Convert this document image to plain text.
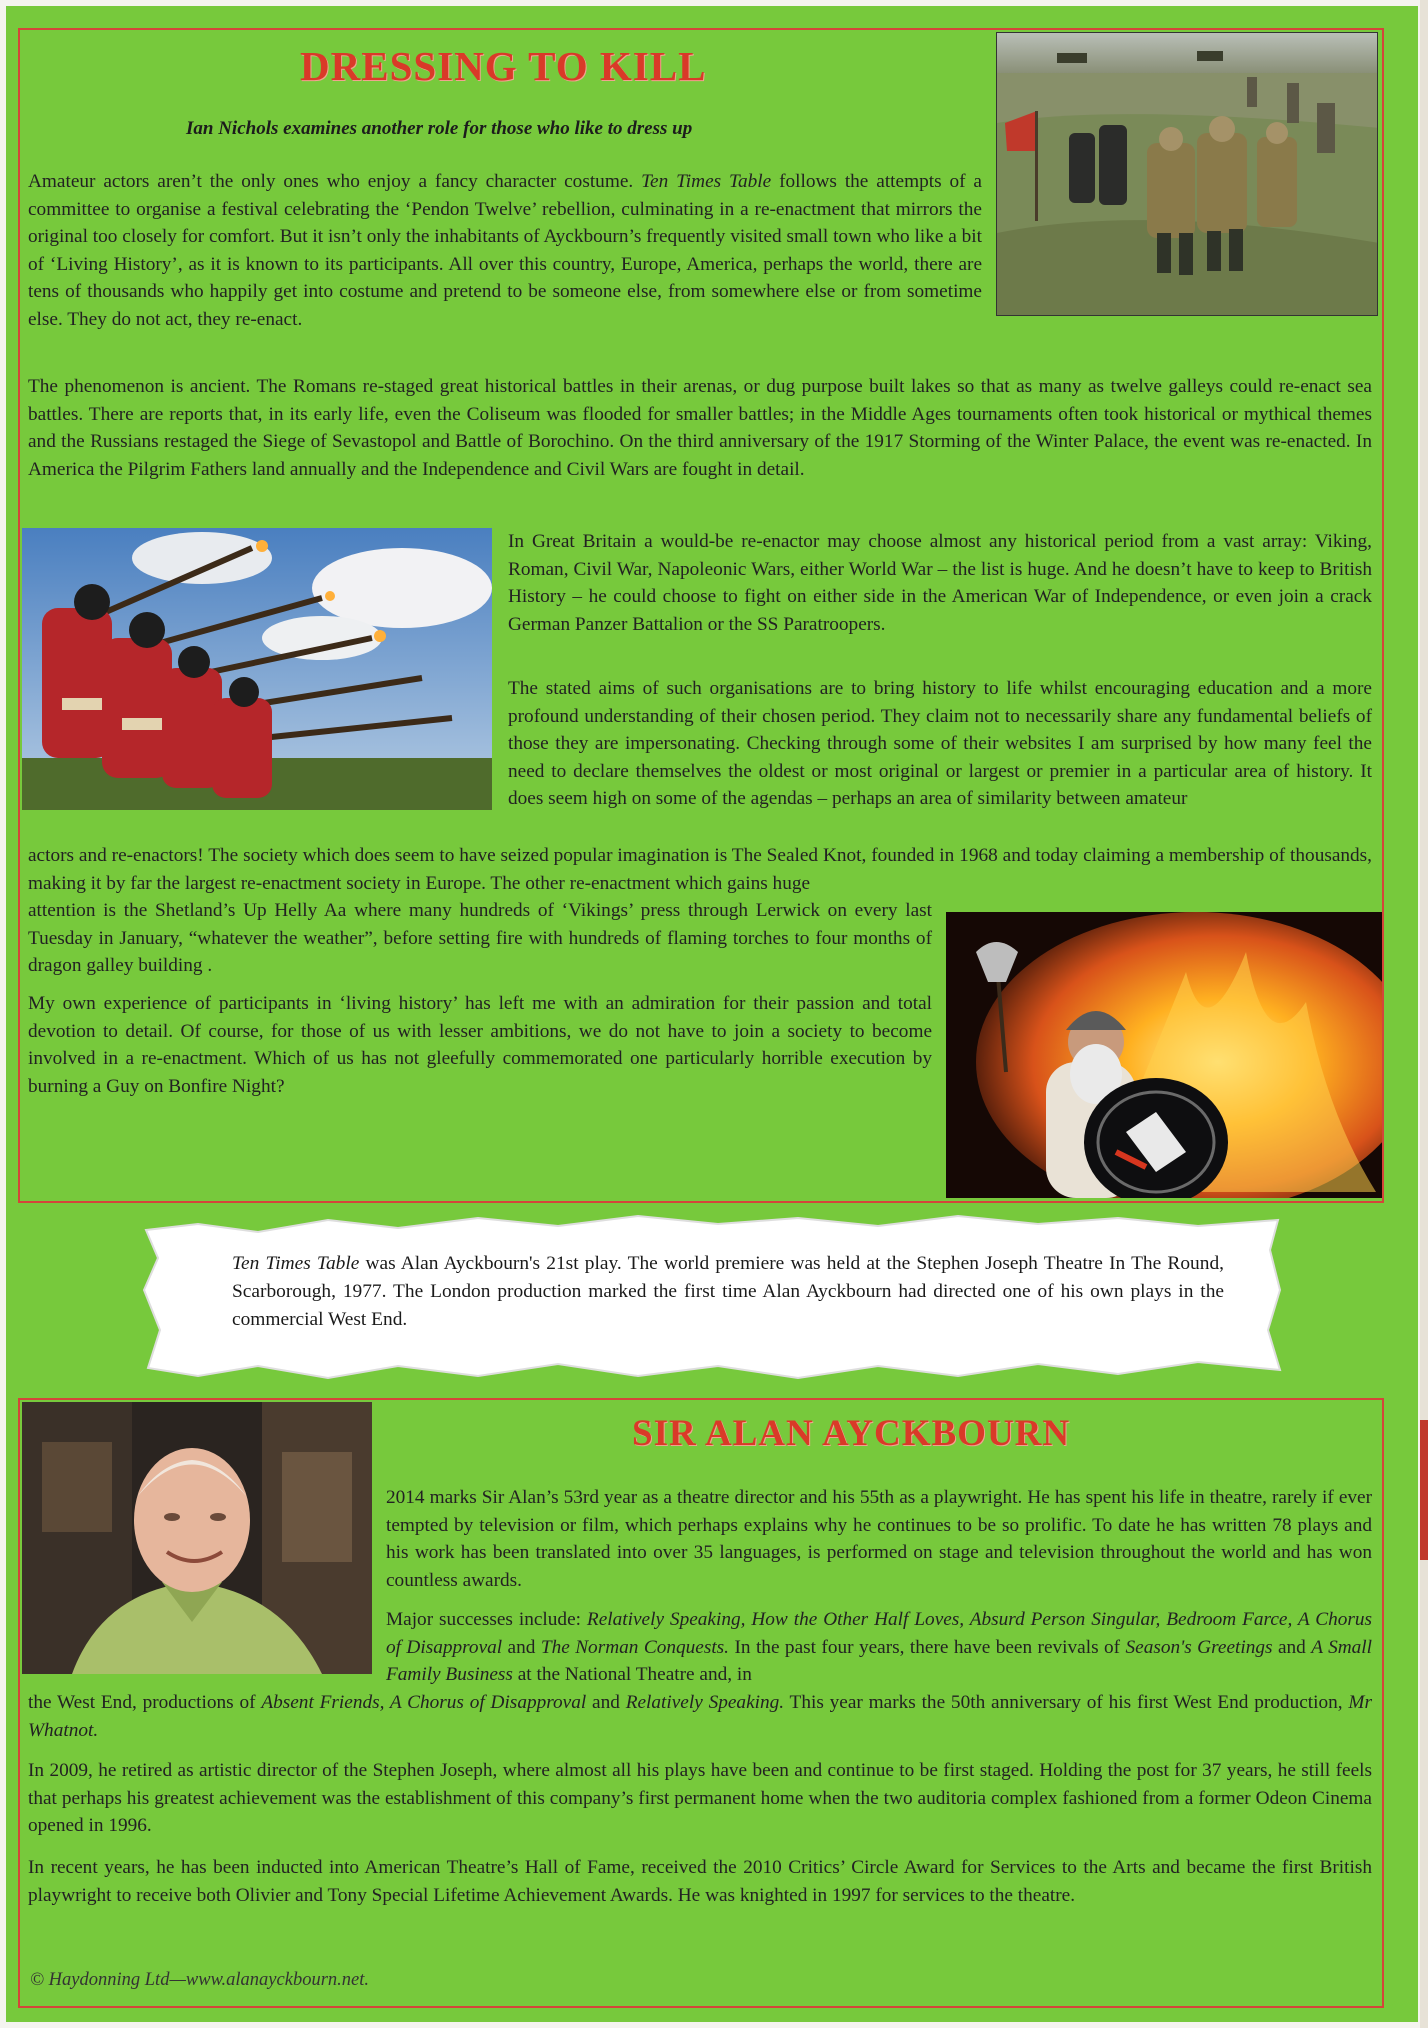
DRESSING TO KILL

Ian Nichols examines another role for those who like to dress up

Amateur actors aren’t the only ones who enjoy a fancy character costume. Ten Times Table follows the attempts of a committee to organise a festival celebrating the ‘Pendon Twelve’ rebellion, culminating in a re-enactment that mirrors the original too closely for comfort. But it isn’t only the inhabitants of Ayckbourn’s frequently visited small town who like a bit of ‘Living History’, as it is known to its participants. All over this country, Europe, America, perhaps the world, there are tens of thousands who happily get into costume and pretend to be someone else, from somewhere else or from sometime else. They do not act, they re-enact.

The phenomenon is ancient. The Romans re-staged great historical battles in their arenas, or dug purpose built lakes so that as many as twelve galleys could re-enact sea battles. There are reports that, in its early life, even the Coliseum was flooded for smaller battles; in the Middle Ages tournaments often took historical or mythical themes and the Russians restaged the Siege of Sevastopol and Battle of Borochino. On the third anniversary of the 1917 Storming of the Winter Palace, the event was re-enacted. In America the Pilgrim Fathers land annually and the Independence and Civil Wars are fought in detail.

In Great Britain a would-be re-enactor may choose almost any historical period from a vast array: Viking, Roman, Civil War, Napoleonic Wars, either World War – the list is huge. And he doesn’t have to keep to British History – he could choose to fight on either side in the American War of Independence, or even join a crack German Panzer Battalion or the SS Paratroopers.

The stated aims of such organisations are to bring history to life whilst encouraging education and a more profound understanding of their chosen period. They claim not to necessarily share any fundamental beliefs of those they are impersonating. Checking through some of their websites I am surprised by how many feel the need to declare themselves the oldest or most original or largest or premier in a particular area of history. It does seem high on some of the agendas – perhaps an area of similarity between amateur

actors and re-enactors! The society which does seem to have seized popular imagination is The Sealed Knot, founded in 1968 and today claiming a membership of thousands, making it by far the largest re-enactment society in Europe. The other re-enactment which gains huge

attention is the Shetland’s Up Helly Aa where many hundreds of ‘Vikings’ press through Lerwick on every last Tuesday in January, “whatever the weather”, before setting fire with hundreds of flaming torches to four months of dragon galley building .

My own experience of participants in ‘living history’ has left me with an admiration for their passion and total devotion to detail. Of course, for those of us with lesser ambitions, we do not have to join a society to become involved in a re-enactment. Which of us has not gleefully commemorated one particularly horrible execution by burning a Guy on Bonfire Night?

Ten Times Table was Alan Ayckbourn's 21st play. The world premiere was held at the Stephen Joseph Theatre In The Round, Scarborough, 1977. The London production marked the first time Alan Ayckbourn had directed one of his own plays in the commercial West End.

SIR ALAN AYCKBOURN

2014 marks Sir Alan’s 53rd year as a theatre director and his 55th as a playwright. He has spent his life in theatre, rarely if ever tempted by television or film, which perhaps explains why he continues to be so prolific. To date he has written 78 plays and his work has been translated into over 35 languages, is performed on stage and television throughout the world and has won countless awards.

Major successes include: Relatively Speaking, How the Other Half Loves, Absurd Person Singular, Bedroom Farce, A Chorus of Disapproval and The Norman Conquests. In the past four years, there have been revivals of Season's Greetings and A Small Family Business at the National Theatre and, in

the West End, productions of Absent Friends, A Chorus of Disapproval and Relatively Speaking. This year marks the 50th anniversary of his first West End production, Mr Whatnot.

In 2009, he retired as artistic director of the Stephen Joseph, where almost all his plays have been and continue to be first staged. Holding the post for 37 years, he still feels that perhaps his greatest achievement was the establishment of this company’s first permanent home when the two auditoria complex fashioned from a former Odeon Cinema opened in 1996.

In recent years, he has been inducted into American Theatre’s Hall of Fame, received the 2010 Critics’ Circle Award for Services to the Arts and became the first British playwright to receive both Olivier and Tony Special Lifetime Achievement Awards. He was knighted in 1997 for services to the theatre.

© Haydonning Ltd—www.alanayckbourn.net.
